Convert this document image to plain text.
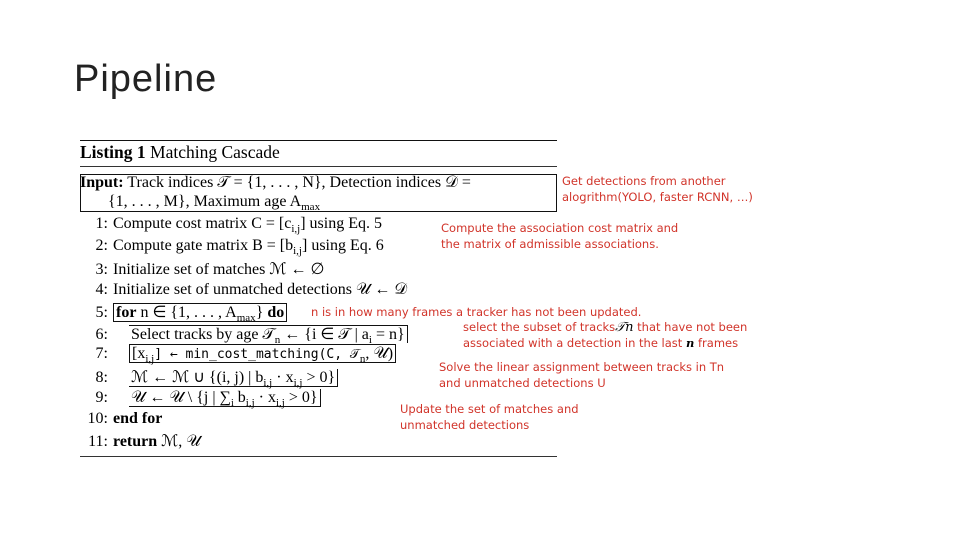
Pipeline
Listing 1 Matching Cascade
Input: Track indices 𝒯 = {1, . . . , N}, Detection indices 𝒟 =
{1, . . . , M}, Maximum age $A_{max}$
1: Compute cost matrix $C = [c_{i,j}]$ using Eq. 5
2: Compute gate matrix $B = [b_{i,j}]$ using Eq. 6
3: Initialize set of matches ℳ ← ∅
4: Initialize set of unmatched detections 𝒰 ← 𝒟
5: for n ∈ {1, . . . , $A_{max}$} do
6: Select tracks by age 𝒯$_n$ ← {i ∈ 𝒯 | $a_i = n$}
7: $[x_{i,j}]$ ← min_cost_matching(C, 𝒯$_n$, 𝒰)
8: ℳ ← ℳ ∪ {(i, j) | $b_{i,j} \cdot x_{i,j} > 0$}
9: 𝒰 ← 𝒰 \ {j | $\sum_i$ $b_{i,j} \cdot x_{i,j} > 0$}
10: end for
11: return ℳ, 𝒰
Get detections from another
alogrithm(YOLO, faster RCNN, …)
Compute the association cost matrix and
the matrix of admissible associations.
n is in how many frames a tracker has not been updated.
select the subset of tracks𝒯n that have not been
associated with a detection in the last n frames
Solve the linear assignment between tracks in Tn
and unmatched detections U
Update the set of matches and
unmatched detections
